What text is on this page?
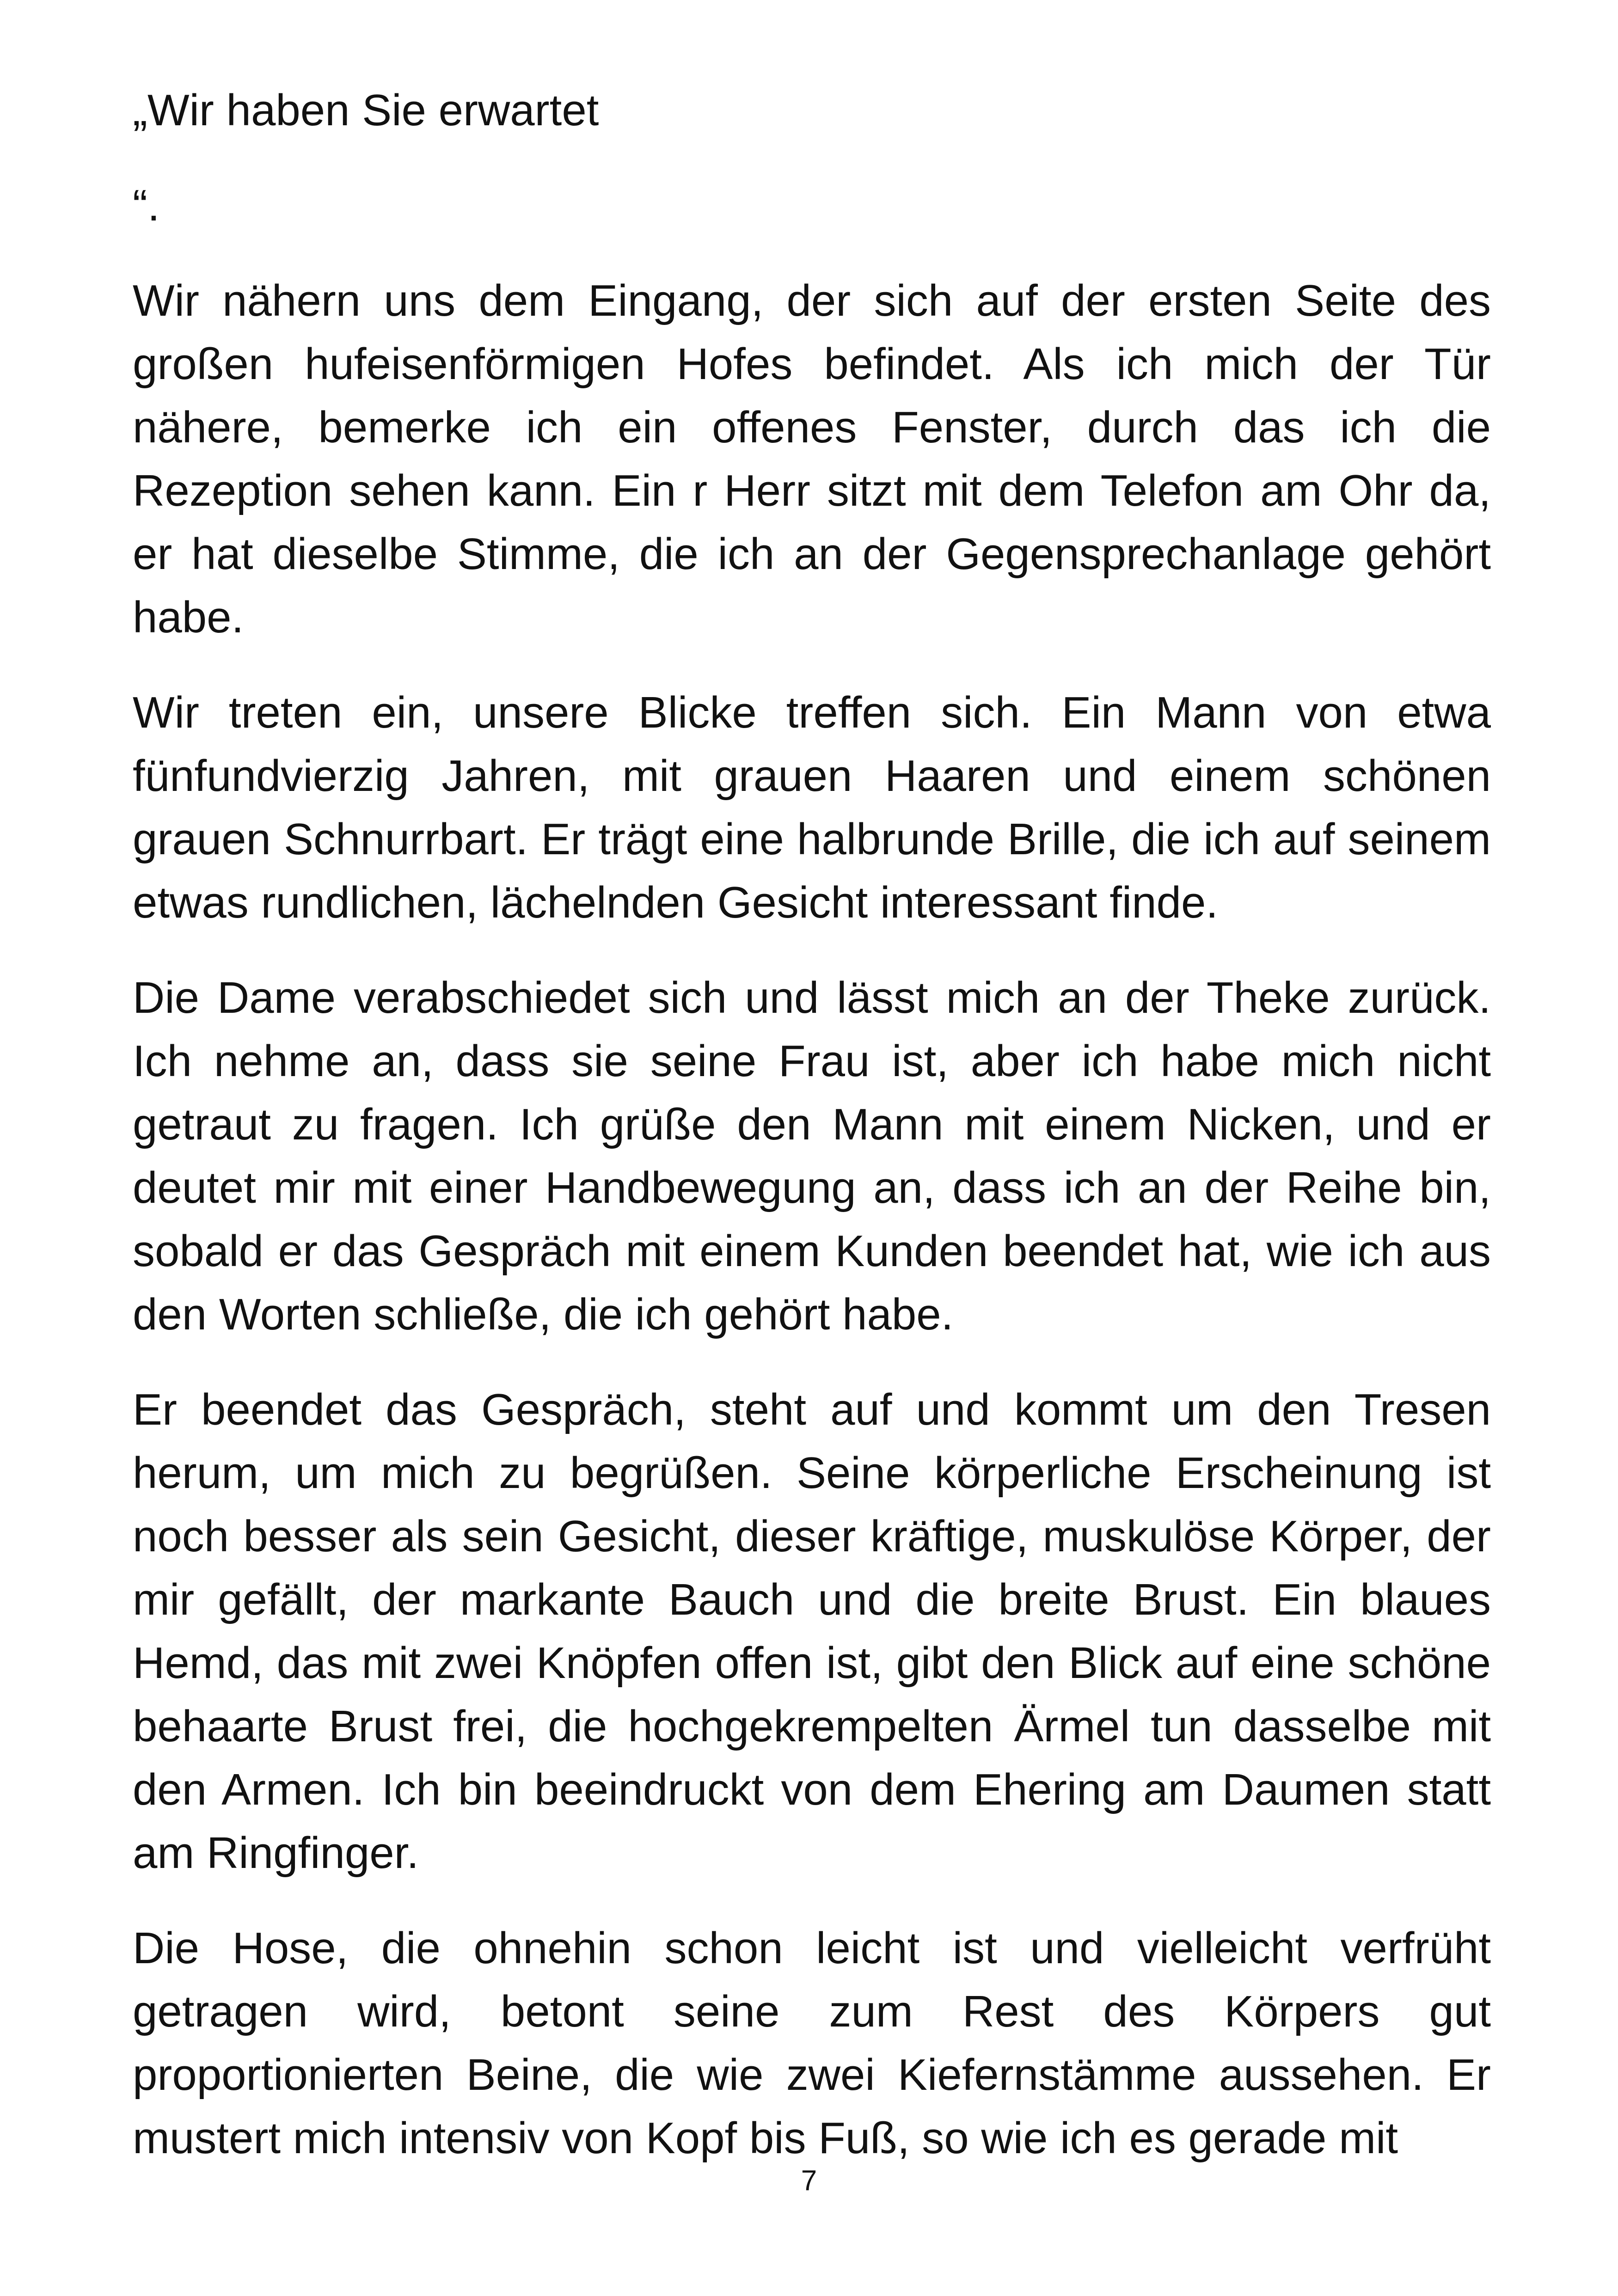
„Wir haben Sie erwartet

“.

Wir nähern uns dem Eingang, der sich auf der ersten Seite des großen hufeisenförmigen Hofes befindet. Als ich mich der Tür nähere, bemerke ich ein offenes Fenster, durch das ich die Rezeption sehen kann. Ein r Herr sitzt mit dem Telefon am Ohr da, er hat dieselbe Stimme, die ich an der Gegensprechanlage gehört habe.

Wir treten ein, unsere Blicke treffen sich. Ein Mann von etwa fünfundvierzig Jahren, mit grauen Haaren und einem schönen grauen Schnurrbart. Er trägt eine halbrunde Brille, die ich auf seinem etwas rundlichen, lächelnden Gesicht interessant finde.

Die Dame verabschiedet sich und lässt mich an der Theke zurück. Ich nehme an, dass sie seine Frau ist, aber ich habe mich nicht getraut zu fragen. Ich grüße den Mann mit einem Nicken, und er deutet mir mit einer Handbewegung an, dass ich an der Reihe bin, sobald er das Gespräch mit einem Kunden beendet hat, wie ich aus den Worten schließe, die ich gehört habe.

Er beendet das Gespräch, steht auf und kommt um den Tresen herum, um mich zu begrüßen. Seine körperliche Erscheinung ist noch besser als sein Gesicht, dieser kräftige, muskulöse Körper, der mir gefällt, der markante Bauch und die breite Brust. Ein blaues Hemd, das mit zwei Knöpfen offen ist, gibt den Blick auf eine schöne behaarte Brust frei, die hochgekrempelten Ärmel tun dasselbe mit den Armen. Ich bin beeindruckt von dem Ehering am Daumen statt am Ringfinger.

Die Hose, die ohnehin schon leicht ist und vielleicht verfrüht getragen wird, betont seine zum Rest des Körpers gut proportionierten Beine, die wie zwei Kiefernstämme aussehen. Er mustert mich intensiv von Kopf bis Fuß, so wie ich es gerade mit

7
